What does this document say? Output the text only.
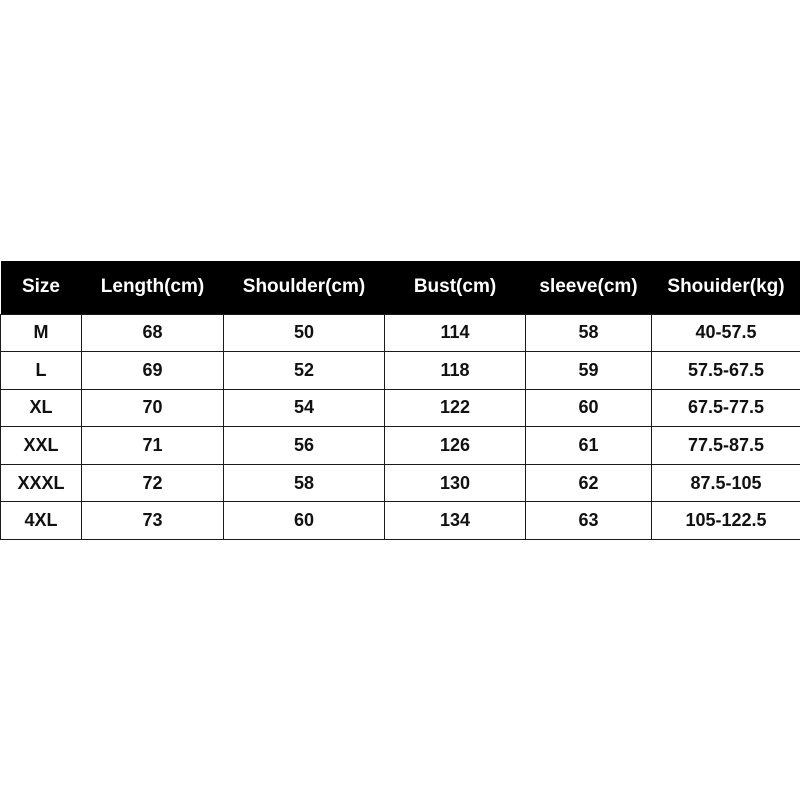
Size	Length(cm)	Shoulder(cm)	Bust(cm)	sleeve(cm)	Shouider(kg)
M	68	50	114	58	40-57.5
L	69	52	118	59	57.5-67.5
XL	70	54	122	60	67.5-77.5
XXL	71	56	126	61	77.5-87.5
XXXL	72	58	130	62	87.5-105
4XL	73	60	134	63	105-122.5
